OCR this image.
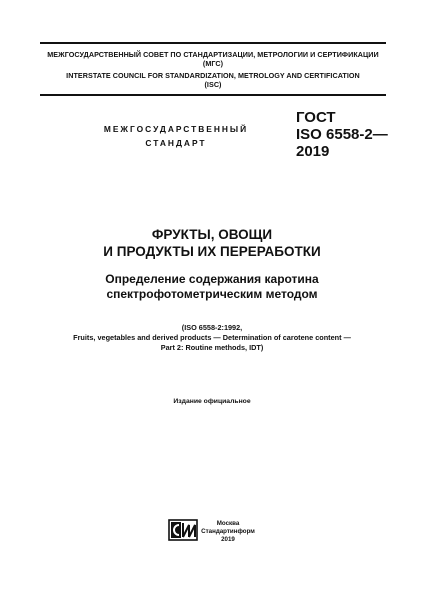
МЕЖГОСУДАРСТВЕННЫЙ СОВЕТ ПО СТАНДАРТИЗАЦИИ, МЕТРОЛОГИИ И СЕРТИФИКАЦИИ
(МГС)
INTERSTATE COUNCIL FOR STANDARDIZATION, METROLOGY AND CERTIFICATION
(ISC)
МЕЖГОСУДАРСТВЕННЫЙ
СТАНДАРТ
ГОСТ
ISO 6558-2—
2019
ФРУКТЫ, ОВОЩИ
И ПРОДУКТЫ ИХ ПЕРЕРАБОТКИ
Определение содержания каротина
спектрофотометрическим методом
(ISO 6558-2:1992,
Fruits, vegetables and derived products — Determination of carotene content —
Part 2: Routine methods, IDT)
Издание официальное
Москва
Стандартинформ
2019
